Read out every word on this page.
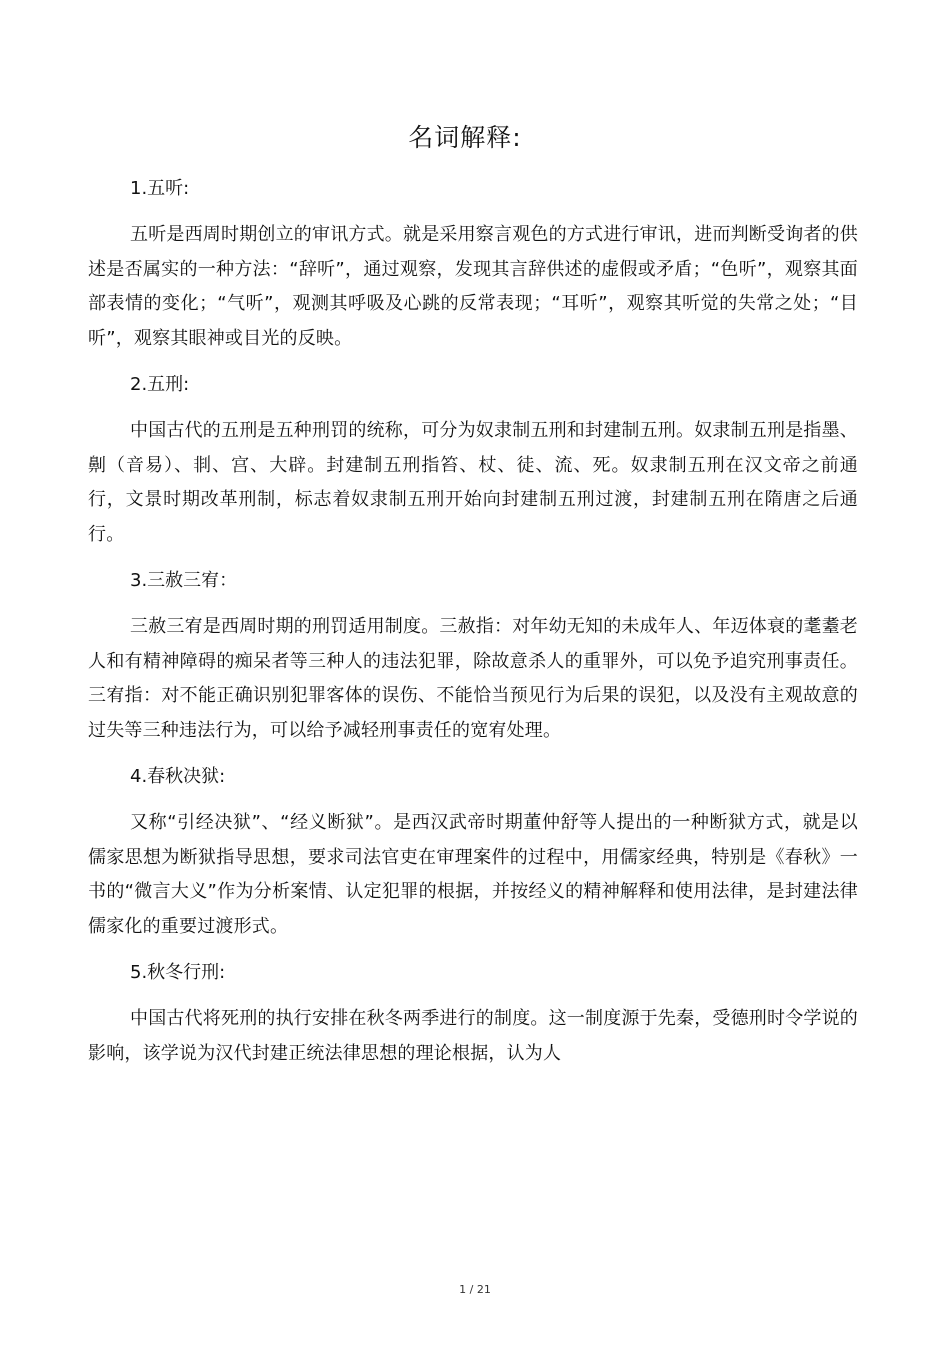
名词解释:
1.五听:

五听是西周时期创立的审讯方式。就是采用察言观色的方式进行审讯，进而判断受询者的供述是否属实的一种方法：“辞听”，通过观察，发现其言辞供述的虚假或矛盾；“色听”，观察其面部表情的变化；“气听”，观测其呼吸及心跳的反常表现；“耳听”，观察其听觉的失常之处；“目听”，观察其眼神或目光的反映。

2.五刑:

中国古代的五刑是五种刑罚的统称，可分为奴隶制五刑和封建制五刑。奴隶制五刑是指墨、劓（音易）、剕、宫、大辟。封建制五刑指笞、杖、徒、流、死。奴隶制五刑在汉文帝之前通行，文景时期改革刑制，标志着奴隶制五刑开始向封建制五刑过渡，封建制五刑在隋唐之后通行。

3.三赦三宥：

三赦三宥是西周时期的刑罚适用制度。三赦指：对年幼无知的未成年人、年迈体衰的耄耋老人和有精神障碍的痴呆者等三种人的违法犯罪，除故意杀人的重罪外，可以免予追究刑事责任。三宥指：对不能正确识别犯罪客体的误伤、不能恰当预见行为后果的误犯，以及没有主观故意的过失等三种违法行为，可以给予减轻刑事责任的宽宥处理。

4.春秋决狱:

又称“引经决狱”、“经义断狱”。是西汉武帝时期董仲舒等人提出的一种断狱方式，就是以儒家思想为断狱指导思想，要求司法官吏在审理案件的过程中，用儒家经典，特别是《春秋》一书的“微言大义”作为分析案情、认定犯罪的根据，并按经义的精神解释和使用法律，是封建法律儒家化的重要过渡形式。

5.秋冬行刑:

中国古代将死刑的执行安排在秋冬两季进行的制度。这一制度源于先秦，受德刑时令学说的影响，该学说为汉代封建正统法律思想的理论根据，认为人

1 / 21
